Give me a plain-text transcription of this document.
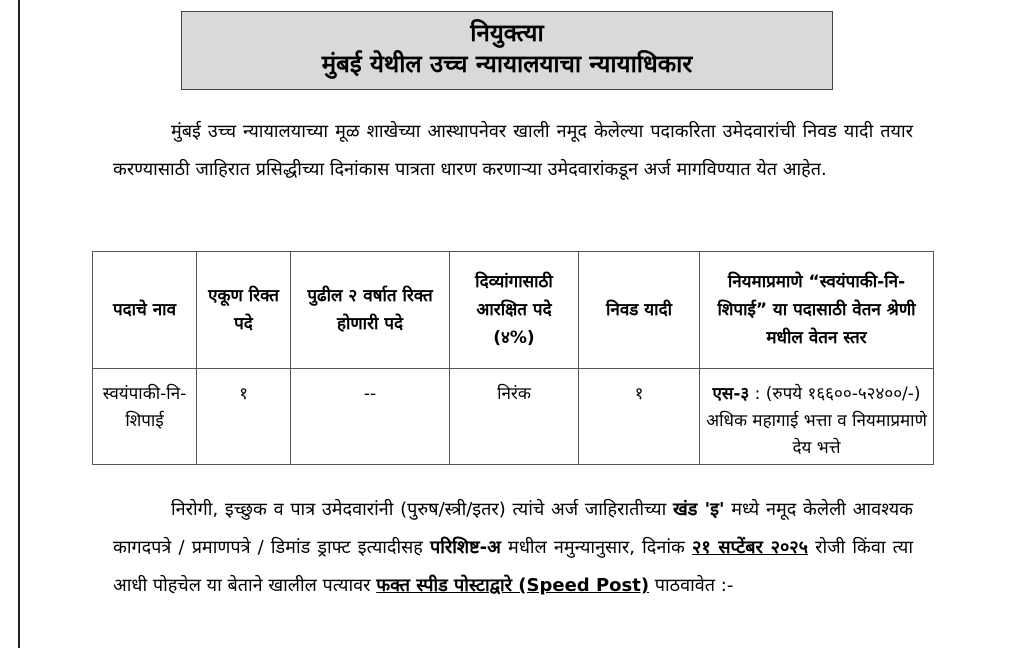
नियुक्त्या
मुंबई येथील उच्च न्यायालयाचा न्यायाधिकार
मुंबई उच्च न्यायालयाच्या मूळ शाखेच्या आस्थापनेवर खाली नमूद केलेल्या पदाकरिता उमेदवारांची निवड यादी तयार करण्यासाठी जाहिरात प्रसिद्धीच्या दिनांकास पात्रता धारण करणाऱ्या उमेदवारांकडून अर्ज मागविण्यात येत आहेत.
पदाचे नाव	एकूण रिक्त पदे	पुढील २ वर्षात रिक्त होणारी पदे	दिव्यांगासाठी आरक्षित पदे (४%)	निवड यादी	नियमाप्रमाणे “स्वयंपाकी-नि-शिपाई” या पदासाठी वेतन श्रेणी मधील वेतन स्तर
स्वयंपाकी-नि-शिपाई	१	--	निरंक	१	एस-३ : (रुपये १६६००-५२४००/-) अधिक महागाई भत्ता व नियमाप्रमाणे देय भत्ते
निरोगी, इच्छुक व पात्र उमेदवारांनी (पुरुष/स्त्री/इतर) त्यांचे अर्ज जाहिरातीच्या खंड 'इ' मध्ये नमूद केलेली आवश्यक कागदपत्रे / प्रमाणपत्रे / डिमांड ड्राफ्ट इत्यादीसह परिशिष्ट-अ मधील नमुन्यानुसार, दिनांक २१ सप्टेंबर २०२५ रोजी किंवा त्या आधी पोहचेल या बेताने खालील पत्यावर फक्त स्पीड पोस्टाद्वारे (Speed Post) पाठवावेत :-
